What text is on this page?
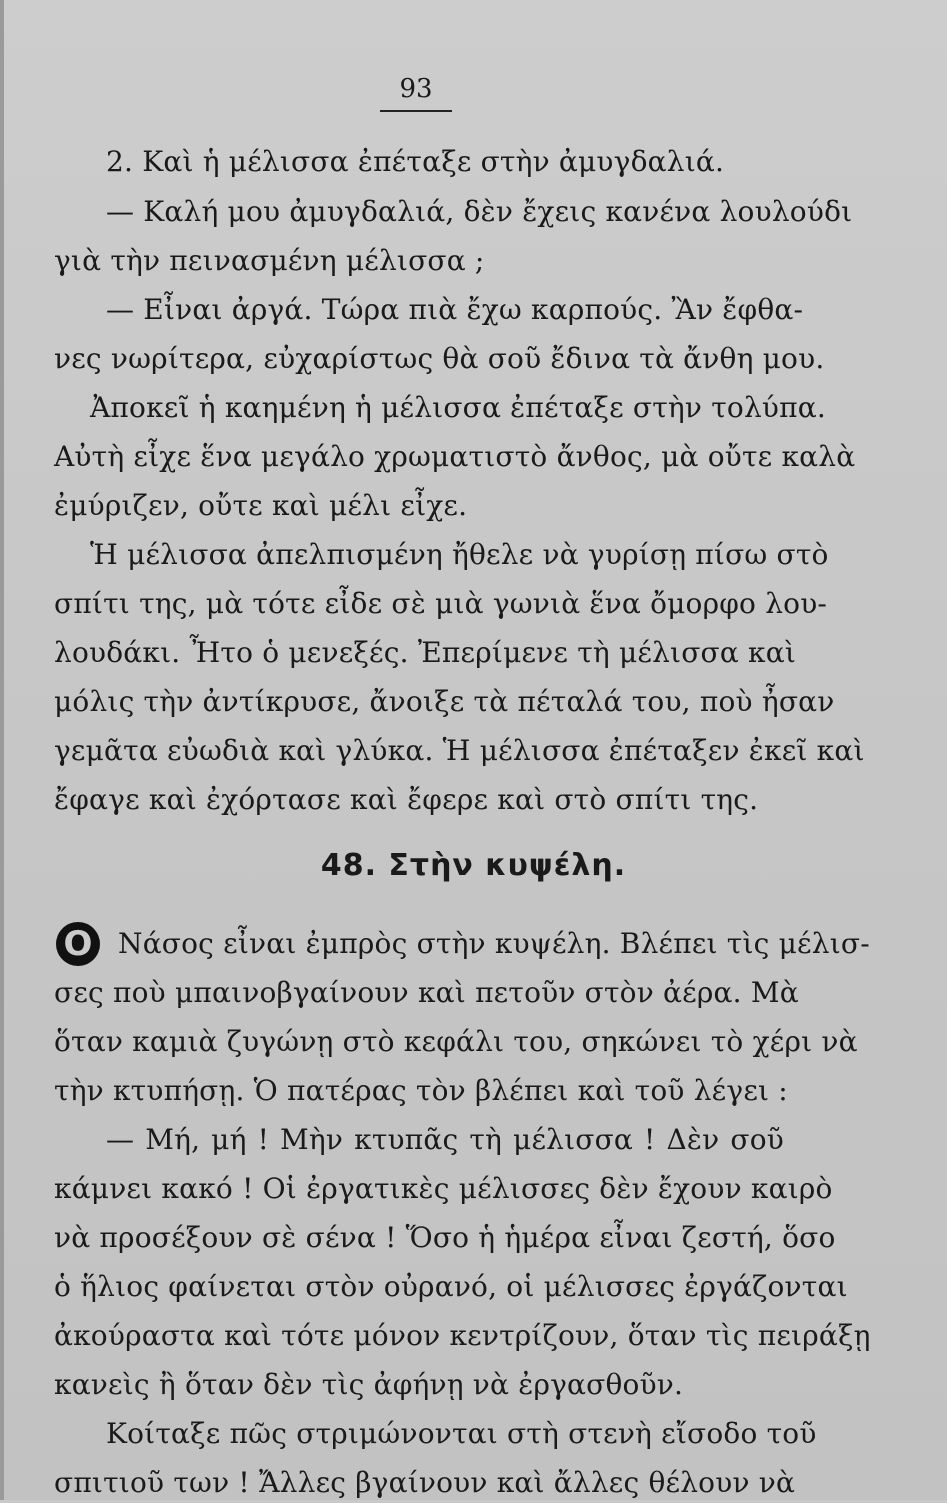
93
2. Καὶ ἡ μέλισσα ἐπέταξε στὴν ἀμυγδαλιά.
— Καλή μου ἀμυγδαλιά, δὲν ἔχεις κανένα λουλούδι
γιὰ τὴν πεινασμένη μέλισσα ;
— Εἶναι ἀργά. Τώρα πιὰ ἔχω καρπούς. Ἂν ἔφθα-
νες νωρίτερα, εὐχαρίστως θὰ σοῦ ἔδινα τὰ ἄνθη μου.
Ἀποκεῖ ἡ καημένη ἡ μέλισσα ἐπέταξε στὴν τολύπα.
Αὐτὴ εἶχε ἕνα μεγάλο χρωματιστὸ ἄνθος, μὰ οὔτε καλὰ
ἐμύριζεν, οὔτε καὶ μέλι εἶχε.
Ἡ μέλισσα ἀπελπισμένη ἤθελε νὰ γυρίσῃ πίσω στὸ
σπίτι της, μὰ τότε εἶδε σὲ μιὰ γωνιὰ ἕνα ὄμορφο λου-
λουδάκι. Ἦτο ὁ μενεξές. Ἐπερίμενε τὴ μέλισσα καὶ
μόλις τὴν ἀντίκρυσε, ἄνοιξε τὰ πέταλά του, ποὺ ἦσαν
γεμᾶτα εὐωδιὰ καὶ γλύκα. Ἡ μέλισσα ἐπέταξεν ἐκεῖ καὶ
ἔφαγε καὶ ἐχόρτασε καὶ ἔφερε καὶ στὸ σπίτι της.
48. Στὴν κυψέλη.
Ο Νάσος εἶναι ἐμπρὸς στὴν κυψέλη. Βλέπει τὶς μέλισ-
σες ποὺ μπαινοβγαίνουν καὶ πετοῦν στὸν ἀέρα. Μὰ
ὅταν καμιὰ ζυγώνῃ στὸ κεφάλι του, σηκώνει τὸ χέρι νὰ
τὴν κτυπήσῃ. Ὁ πατέρας τὸν βλέπει καὶ τοῦ λέγει :
— Μή, μή ! Μὴν κτυπᾶς τὴ μέλισσα ! Δὲν σοῦ
κάμνει κακό ! Οἱ ἐργατικὲς μέλισσες δὲν ἔχουν καιρὸ
νὰ προσέξουν σὲ σένα ! Ὅσο ἡ ἡμέρα εἶναι ζεστή, ὅσο
ὁ ἥλιος φαίνεται στὸν οὐρανό, οἱ μέλισσες ἐργάζονται
ἀκούραστα καὶ τότε μόνον κεντρίζουν, ὅταν τὶς πειράξῃ
κανεὶς ἢ ὅταν δὲν τὶς ἀφήνῃ νὰ ἐργασθοῦν.
Κοίταξε πῶς στριμώνονται στὴ στενὴ εἴσοδο τοῦ
σπιτιοῦ των ! Ἄλλες βγαίνουν καὶ ἄλλες θέλουν νὰ
